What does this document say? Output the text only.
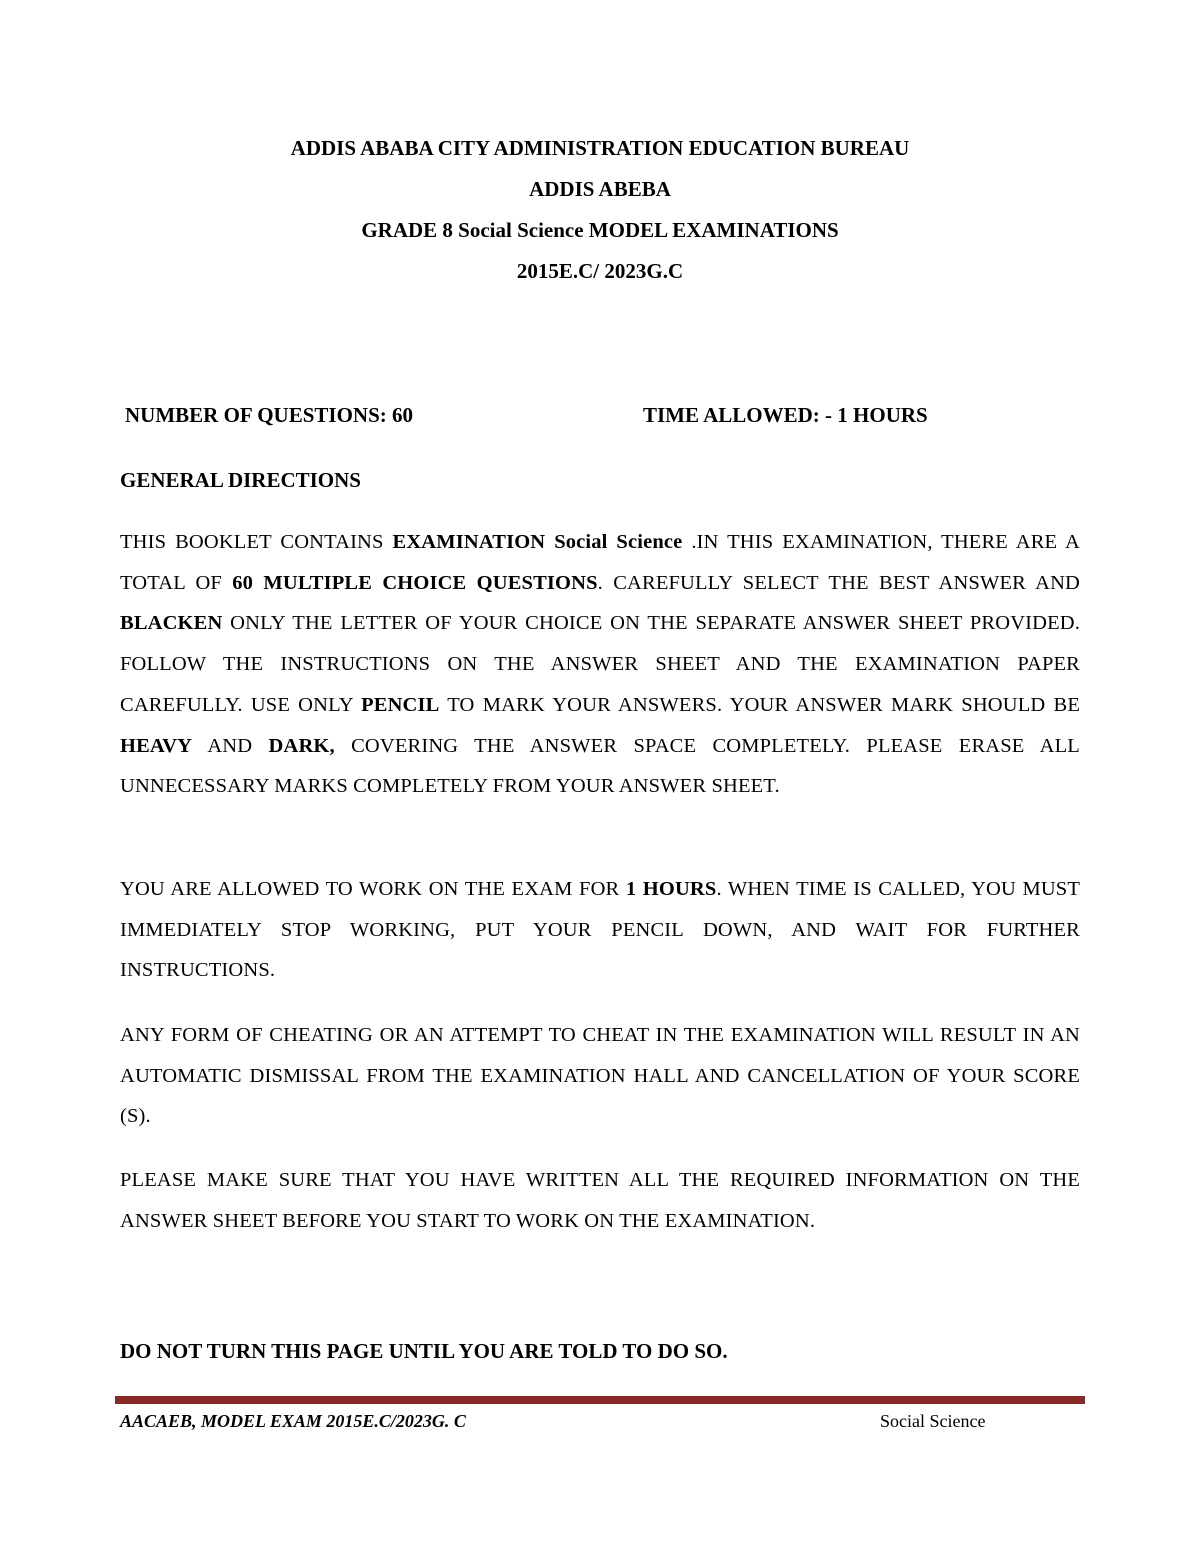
ADDIS ABABA CITY ADMINISTRATION EDUCATION BUREAU
ADDIS ABEBA
GRADE 8 Social Science MODEL EXAMINATIONS
2015E.C/ 2023G.C
NUMBER OF QUESTIONS: 60	TIME ALLOWED: - 1 HOURS
GENERAL DIRECTIONS
THIS BOOKLET CONTAINS EXAMINATION Social Science .IN THIS EXAMINATION, THERE ARE A TOTAL OF 60 MULTIPLE CHOICE QUESTIONS. CAREFULLY SELECT THE BEST ANSWER AND BLACKEN ONLY THE LETTER OF YOUR CHOICE ON THE SEPARATE ANSWER SHEET PROVIDED. FOLLOW THE INSTRUCTIONS ON THE ANSWER SHEET AND THE EXAMINATION PAPER CAREFULLY. USE ONLY PENCIL TO MARK YOUR ANSWERS. YOUR ANSWER MARK SHOULD BE HEAVY AND DARK, COVERING THE ANSWER SPACE COMPLETELY. PLEASE ERASE ALL UNNECESSARY MARKS COMPLETELY FROM YOUR ANSWER SHEET.
YOU ARE ALLOWED TO WORK ON THE EXAM FOR 1 HOURS. WHEN TIME IS CALLED, YOU MUST IMMEDIATELY STOP WORKING, PUT YOUR PENCIL DOWN, AND WAIT FOR FURTHER INSTRUCTIONS.
ANY FORM OF CHEATING OR AN ATTEMPT TO CHEAT IN THE EXAMINATION WILL RESULT IN AN AUTOMATIC DISMISSAL FROM THE EXAMINATION HALL AND CANCELLATION OF YOUR SCORE (S).
PLEASE MAKE SURE THAT YOU HAVE WRITTEN ALL THE REQUIRED INFORMATION ON THE ANSWER SHEET BEFORE YOU START TO WORK ON THE EXAMINATION.
DO NOT TURN THIS PAGE UNTIL YOU ARE TOLD TO DO SO.
AACAEB, MODEL EXAM 2015E.C/2023G. C	Social Science
